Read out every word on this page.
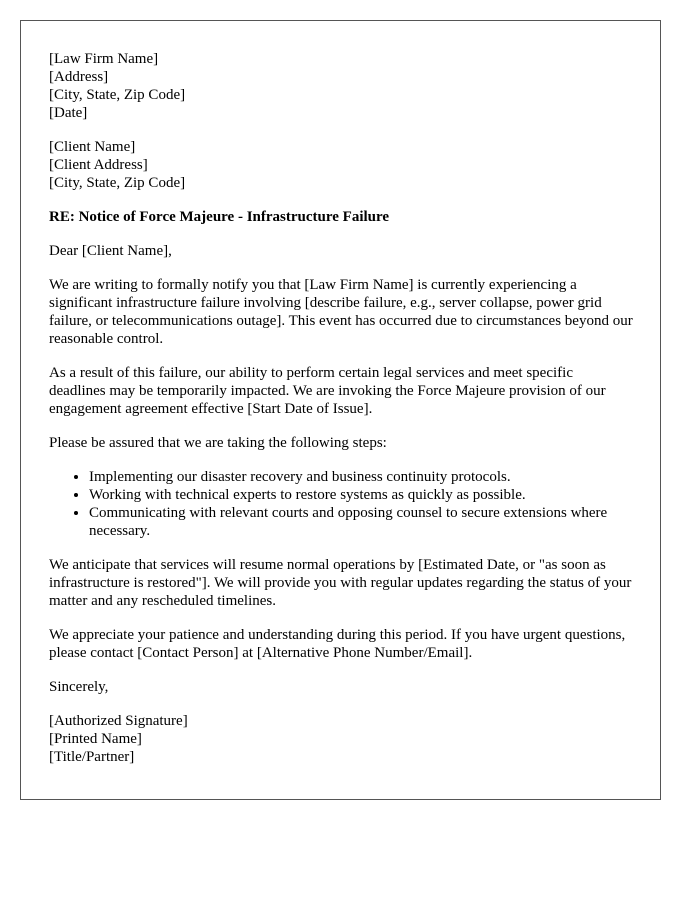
[Law Firm Name]
[Address]
[City, State, Zip Code]
[Date]
[Client Name]
[Client Address]
[City, State, Zip Code]
RE: Notice of Force Majeure - Infrastructure Failure

Dear [Client Name],

We are writing to formally notify you that [Law Firm Name] is currently experiencing a significant infrastructure failure involving [describe failure, e.g., server collapse, power grid failure, or telecommunications outage]. This event has occurred due to circumstances beyond our reasonable control.

As a result of this failure, our ability to perform certain legal services and meet specific deadlines may be temporarily impacted. We are invoking the Force Majeure provision of our engagement agreement effective [Start Date of Issue].

Please be assured that we are taking the following steps:

• Implementing our disaster recovery and business continuity protocols.
• Working with technical experts to restore systems as quickly as possible.
• Communicating with relevant courts and opposing counsel to secure extensions where necessary.

We anticipate that services will resume normal operations by [Estimated Date, or "as soon as infrastructure is restored"]. We will provide you with regular updates regarding the status of your matter and any rescheduled timelines.

We appreciate your patience and understanding during this period. If you have urgent questions, please contact [Contact Person] at [Alternative Phone Number/Email].

Sincerely,

[Authorized Signature]
[Printed Name]
[Title/Partner]
